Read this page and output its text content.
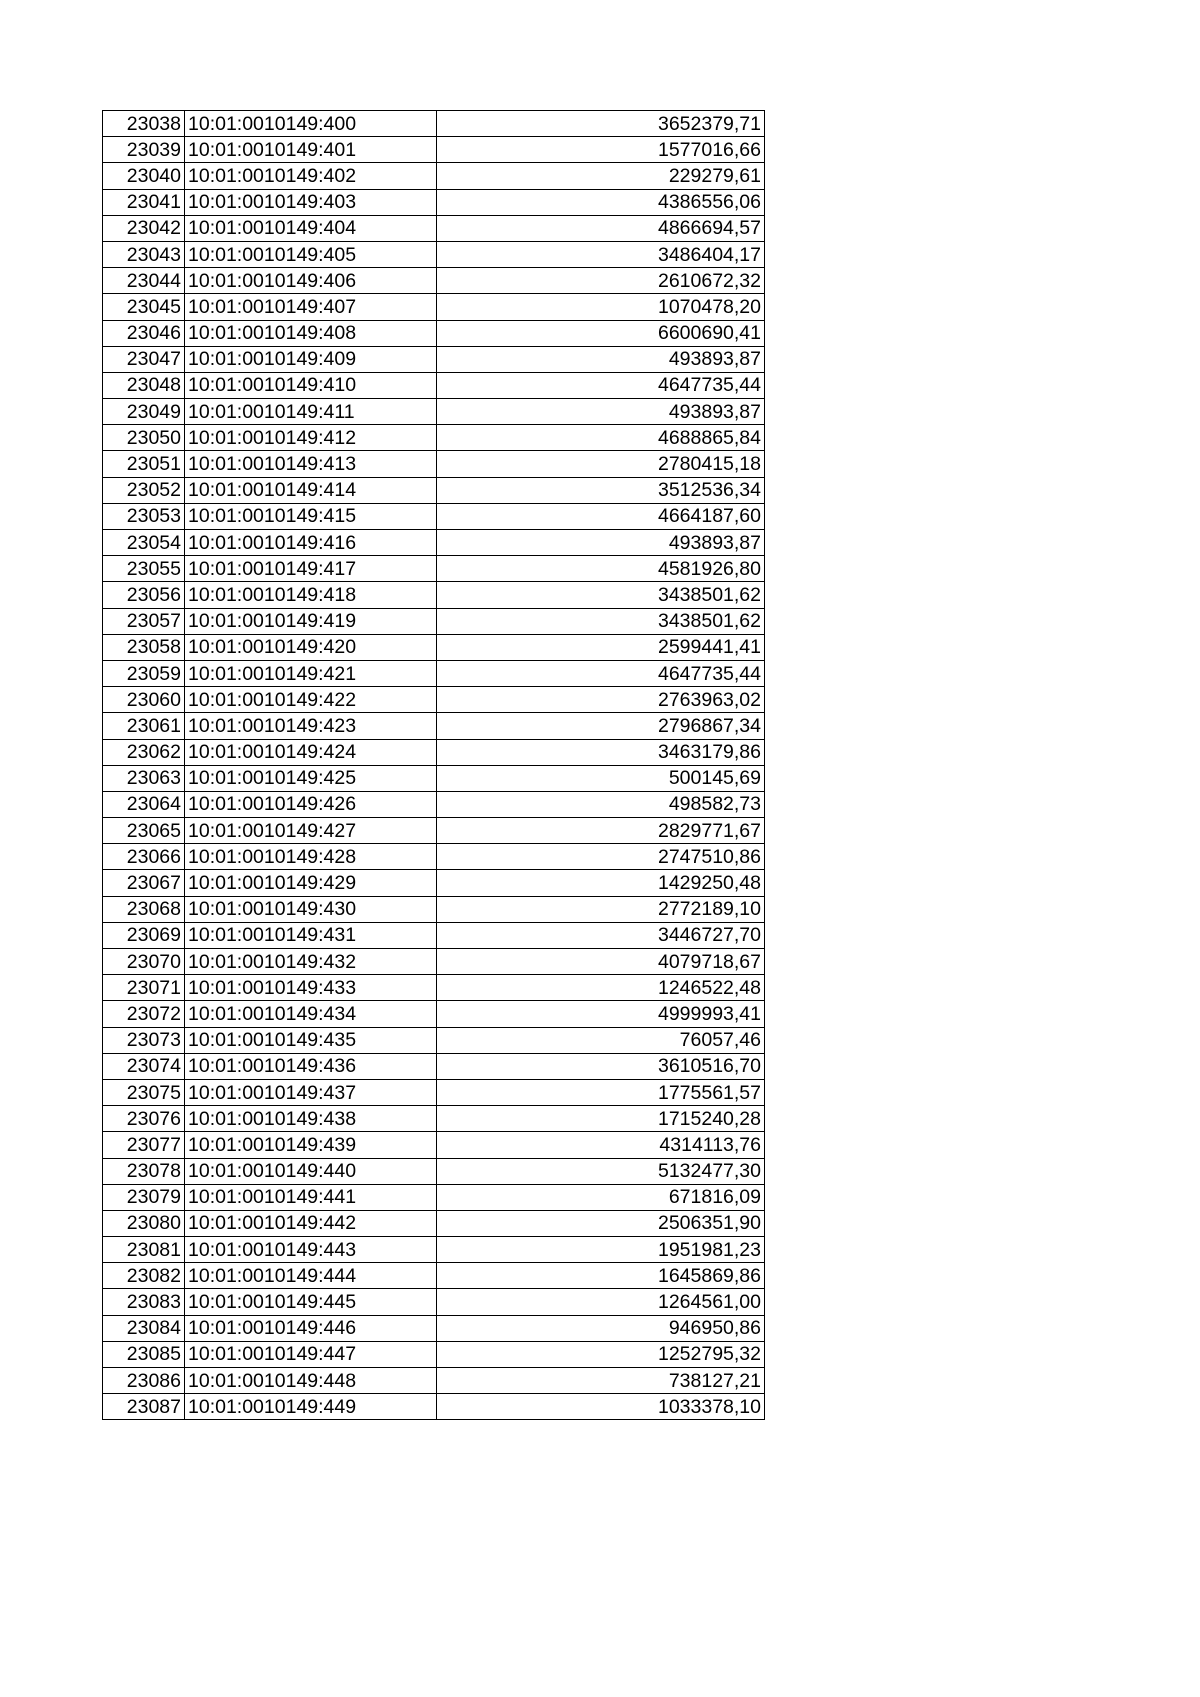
23038	10:01:0010149:400	3652379,71
23039	10:01:0010149:401	1577016,66
23040	10:01:0010149:402	229279,61
23041	10:01:0010149:403	4386556,06
23042	10:01:0010149:404	4866694,57
23043	10:01:0010149:405	3486404,17
23044	10:01:0010149:406	2610672,32
23045	10:01:0010149:407	1070478,20
23046	10:01:0010149:408	6600690,41
23047	10:01:0010149:409	493893,87
23048	10:01:0010149:410	4647735,44
23049	10:01:0010149:411	493893,87
23050	10:01:0010149:412	4688865,84
23051	10:01:0010149:413	2780415,18
23052	10:01:0010149:414	3512536,34
23053	10:01:0010149:415	4664187,60
23054	10:01:0010149:416	493893,87
23055	10:01:0010149:417	4581926,80
23056	10:01:0010149:418	3438501,62
23057	10:01:0010149:419	3438501,62
23058	10:01:0010149:420	2599441,41
23059	10:01:0010149:421	4647735,44
23060	10:01:0010149:422	2763963,02
23061	10:01:0010149:423	2796867,34
23062	10:01:0010149:424	3463179,86
23063	10:01:0010149:425	500145,69
23064	10:01:0010149:426	498582,73
23065	10:01:0010149:427	2829771,67
23066	10:01:0010149:428	2747510,86
23067	10:01:0010149:429	1429250,48
23068	10:01:0010149:430	2772189,10
23069	10:01:0010149:431	3446727,70
23070	10:01:0010149:432	4079718,67
23071	10:01:0010149:433	1246522,48
23072	10:01:0010149:434	4999993,41
23073	10:01:0010149:435	76057,46
23074	10:01:0010149:436	3610516,70
23075	10:01:0010149:437	1775561,57
23076	10:01:0010149:438	1715240,28
23077	10:01:0010149:439	4314113,76
23078	10:01:0010149:440	5132477,30
23079	10:01:0010149:441	671816,09
23080	10:01:0010149:442	2506351,90
23081	10:01:0010149:443	1951981,23
23082	10:01:0010149:444	1645869,86
23083	10:01:0010149:445	1264561,00
23084	10:01:0010149:446	946950,86
23085	10:01:0010149:447	1252795,32
23086	10:01:0010149:448	738127,21
23087	10:01:0010149:449	1033378,10
